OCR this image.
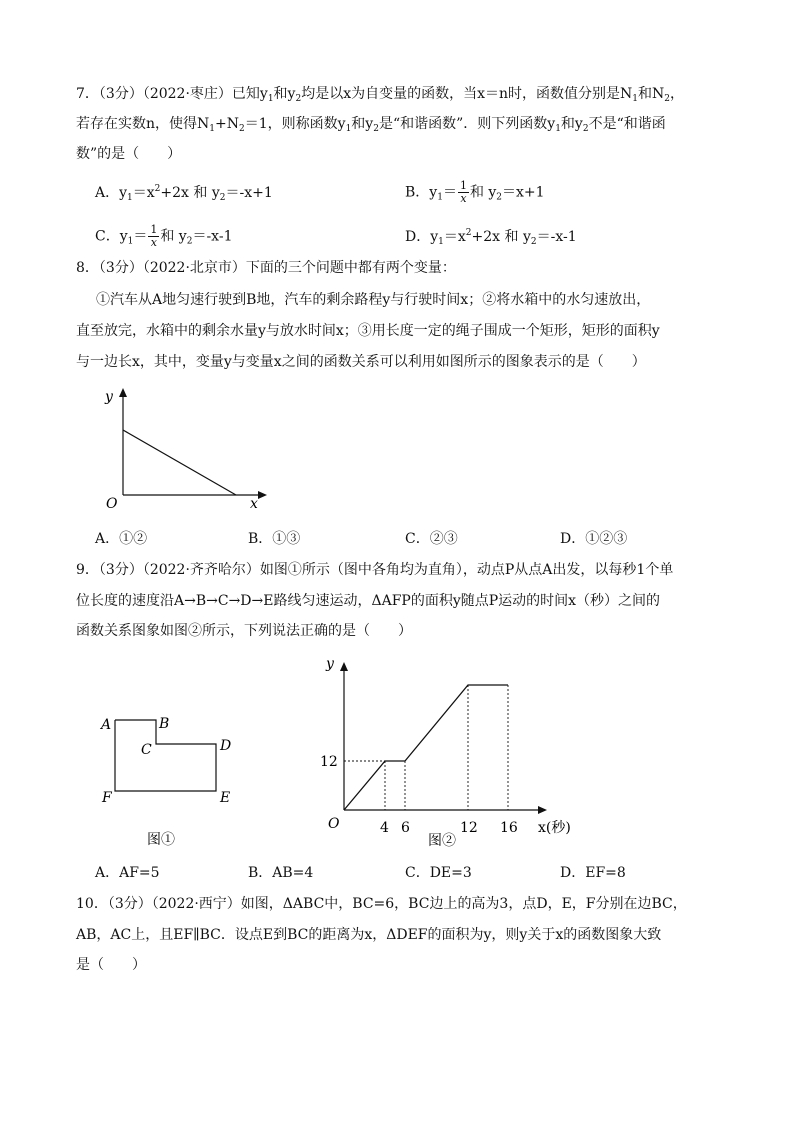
7．（3分）（2022·枣庄）已知$y_1$和$y_2$均是以x为自变量的函数，当x＝n时，函数值分别是$N_1$和$N_2$，
若存在实数n，使得$N_1+N_2=1$，则称函数$y_1$和$y_2$是“和谐函数”．则下列函数$y_1$和$y_2$不是“和谐函
数”的是（　　）
A．$y_1=x^2+2x$ 和 $y_2=-x+1$	B．$y_1= \frac{1}{x}$ 和 $y_2=x+1$
C．$y_1= \frac{1}{x}$ 和 $y_2=-x-1$	D．$y_1=x^2+2x$ 和 $y_2=-x-1$
8．（3分）（2022·北京市）下面的三个问题中都有两个变量：
①汽车从A地匀速行驶到B地，汽车的剩余路程y与行驶时间x；②将水箱中的水匀速放出，
直至放完，水箱中的剩余水量y与放水时间x；③用长度一定的绳子围成一个矩形，矩形的面积y
与一边长x，其中，变量y与变量x之间的函数关系可以利用如图所示的图象表示的是（　　）
y
x
O
A．①②	B．①③	C．②③	D．①②③
9．（3分）（2022·齐齐哈尔）如图①所示（图中各角均为直角），动点P从点A出发，以每秒1个单
位长度的速度沿A→B→C→D→E路线匀速运动，ΔAFP的面积y随点P运动的时间x（秒）之间的
函数关系图象如图②所示，下列说法正确的是（　　）
A	B
C	D
E
F
图①
y
12
O	4 6	12 16 x(秒)
图②
A．AF=5	B．AB=4	C．DE=3	D．EF=8
10．（3分）（2022·西宁）如图，ΔABC中，BC=6，BC边上的高为3，点D，E，F分别在边BC，
AB，AC上，且EF∥BC．设点E到BC的距离为x，ΔDEF的面积为y，则y关于x的函数图象大致
是（　　）
